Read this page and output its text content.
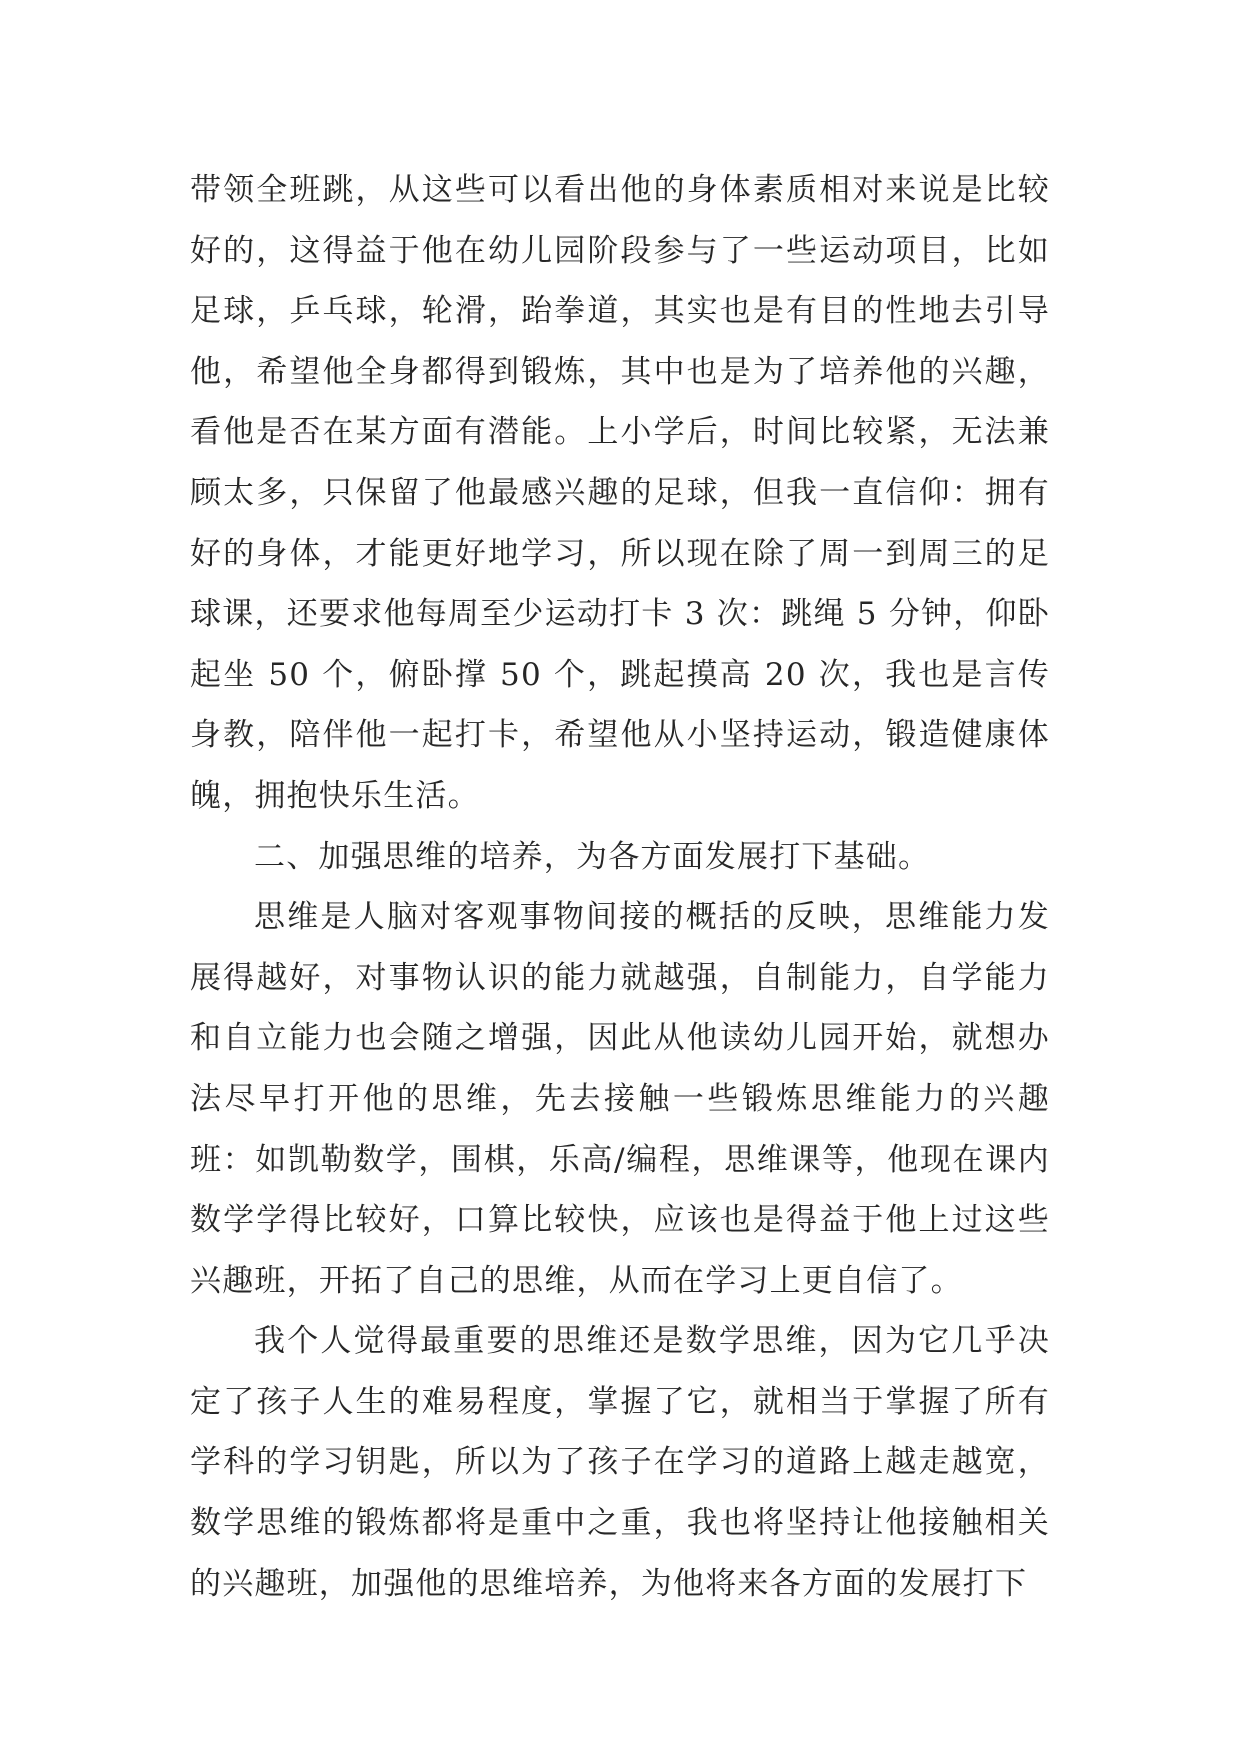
带领全班跳，从这些可以看出他的身体素质相对来说是比较好的，这得益于他在幼儿园阶段参与了一些运动项目，比如足球，乒乓球，轮滑，跆拳道，其实也是有目的性地去引导他，希望他全身都得到锻炼，其中也是为了培养他的兴趣，看他是否在某方面有潜能。上小学后，时间比较紧，无法兼顾太多，只保留了他最感兴趣的足球，但我一直信仰：拥有好的身体，才能更好地学习，所以现在除了周一到周三的足球课，还要求他每周至少运动打卡 3 次：跳绳 5 分钟，仰卧起坐 50 个，俯卧撑 50 个，跳起摸高 20 次，我也是言传身教，陪伴他一起打卡，希望他从小坚持运动，锻造健康体魄，拥抱快乐生活。

二、加强思维的培养，为各方面发展打下基础。

思维是人脑对客观事物间接的概括的反映，思维能力发展得越好，对事物认识的能力就越强，自制能力，自学能力和自立能力也会随之增强，因此从他读幼儿园开始，就想办法尽早打开他的思维，先去接触一些锻炼思维能力的兴趣班：如凯勒数学，围棋，乐高/编程，思维课等，他现在课内数学学得比较好，口算比较快，应该也是得益于他上过这些兴趣班，开拓了自己的思维，从而在学习上更自信了。

我个人觉得最重要的思维还是数学思维，因为它几乎决定了孩子人生的难易程度，掌握了它，就相当于掌握了所有学科的学习钥匙，所以为了孩子在学习的道路上越走越宽，数学思维的锻炼都将是重中之重，我也将坚持让他接触相关的兴趣班，加强他的思维培养，为他将来各方面的发展打下
